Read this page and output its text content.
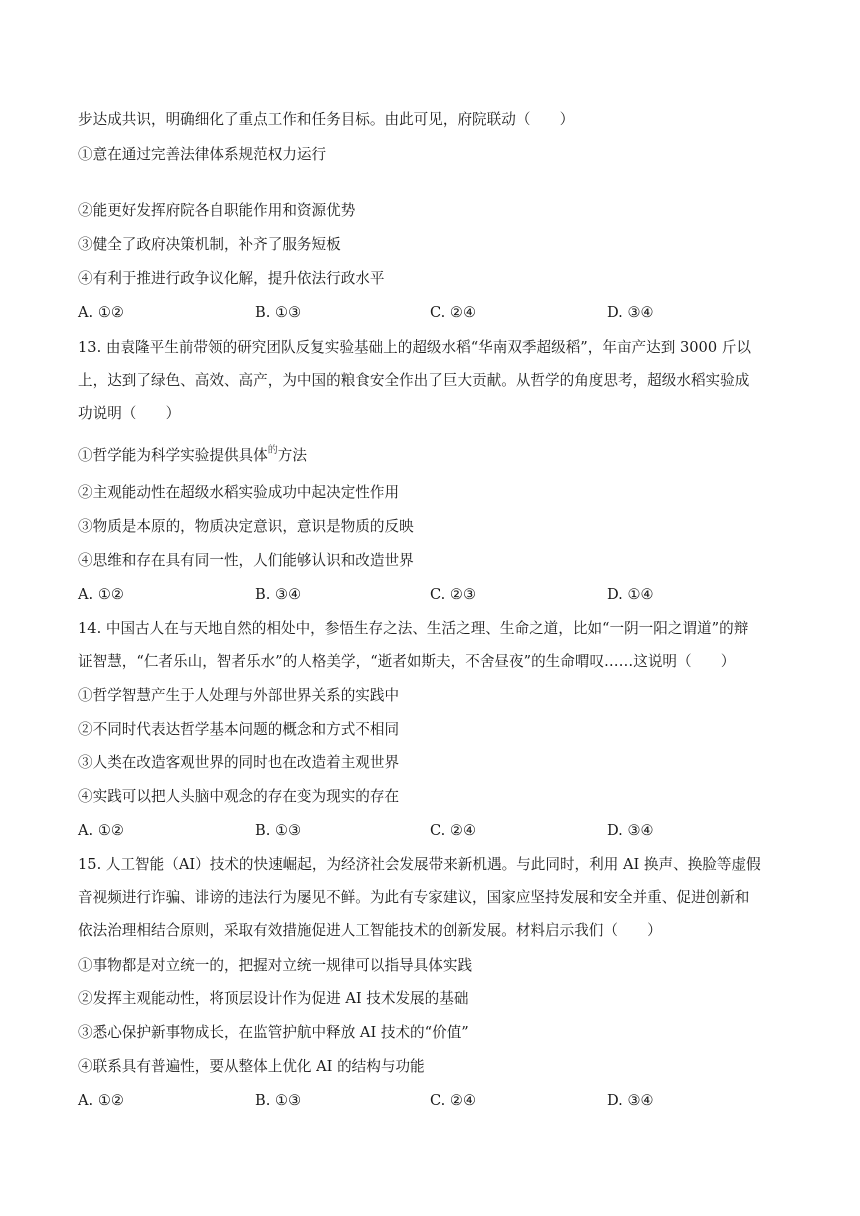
步达成共识，明确细化了重点工作和任务目标。由此可见，府院联动（　　）
①意在通过完善法律体系规范权力运行
②能更好发挥府院各自职能作用和资源优势
③健全了政府决策机制，补齐了服务短板
④有利于推进行政争议化解，提升依法行政水平
A. ①②	B. ①③	C. ②④	D. ③④
13. 由袁隆平生前带领的研究团队反复实验基础上的超级水稻“华南双季超级稻”，年亩产达到 3000 斤以
上，达到了绿色、高效、高产，为中国的粮食安全作出了巨大贡献。从哲学的角度思考，超级水稻实验成
功说明（　　）
①哲学能为科学实验提供具体$^的$方法
②主观能动性在超级水稻实验成功中起决定性作用
③物质是本原的，物质决定意识，意识是物质的反映
④思维和存在具有同一性，人们能够认识和改造世界
A. ①②	B. ③④	C. ②③	D. ①④
14. 中国古人在与天地自然的相处中，参悟生存之法、生活之理、生命之道，比如“一阴一阳之谓道”的辩
证智慧，“仁者乐山，智者乐水”的人格美学，“逝者如斯夫，不舍昼夜”的生命喟叹……这说明（　　）
①哲学智慧产生于人处理与外部世界关系的实践中
②不同时代表达哲学基本问题的概念和方式不相同
③人类在改造客观世界的同时也在改造着主观世界
④实践可以把人头脑中观念的存在变为现实的存在
A. ①②	B. ①③	C. ②④	D. ③④
15. 人工智能（AI）技术的快速崛起，为经济社会发展带来新机遇。与此同时，利用 AI 换声、换脸等虚假
音视频进行诈骗、诽谤的违法行为屡见不鲜。为此有专家建议，国家应坚持发展和安全并重、促进创新和
依法治理相结合原则，采取有效措施促进人工智能技术的创新发展。材料启示我们（　　）
①事物都是对立统一的，把握对立统一规律可以指导具体实践
②发挥主观能动性，将顶层设计作为促进 AI 技术发展的基础
③悉心保护新事物成长，在监管护航中释放 AI 技术的“价值”
④联系具有普遍性，要从整体上优化 AI 的结构与功能
A. ①②	B. ①③	C. ②④	D. ③④
